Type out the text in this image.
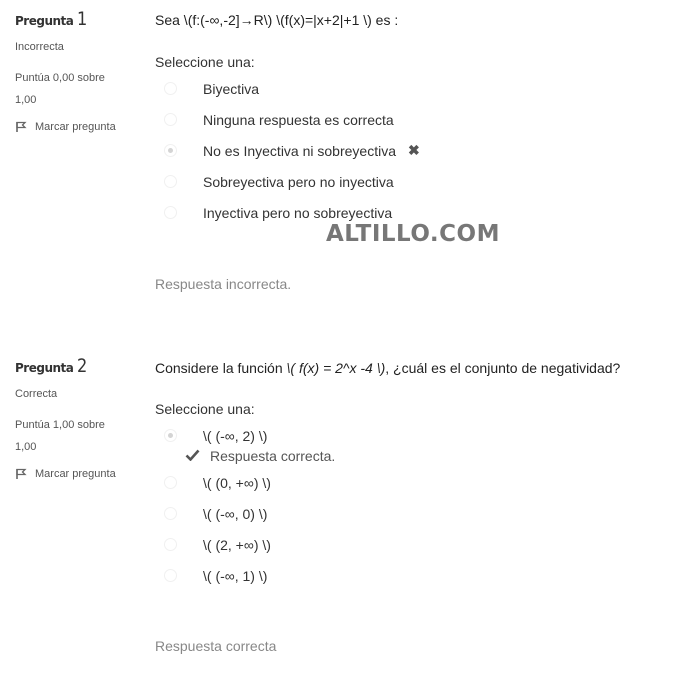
Pregunta 1
Incorrecta
Puntúa 0,00 sobre 1,00
Marcar pregunta
Sea \(f:(-∞,-2]→R\) \(f(x)=|x+2|+1 \) es :
Seleccione una:
Biyectiva
Ninguna respuesta es correcta
No es Inyectiva ni sobreyectiva ✖
Sobreyectiva pero no inyectiva
Inyectiva pero no sobreyectiva
Respuesta incorrecta.
Pregunta 2
Correcta
Puntúa 1,00 sobre 1,00
Marcar pregunta
Considere la función \( f(x) = 2^x -4 \), ¿cuál es el conjunto de negatividad?
Seleccione una:
\( (-∞, 2) \)
Respuesta correcta.
\( (0, +∞) \)
\( (-∞, 0) \)
\( (2, +∞) \)
\( (-∞, 1) \)
Respuesta correcta
ALTILLO.COM
